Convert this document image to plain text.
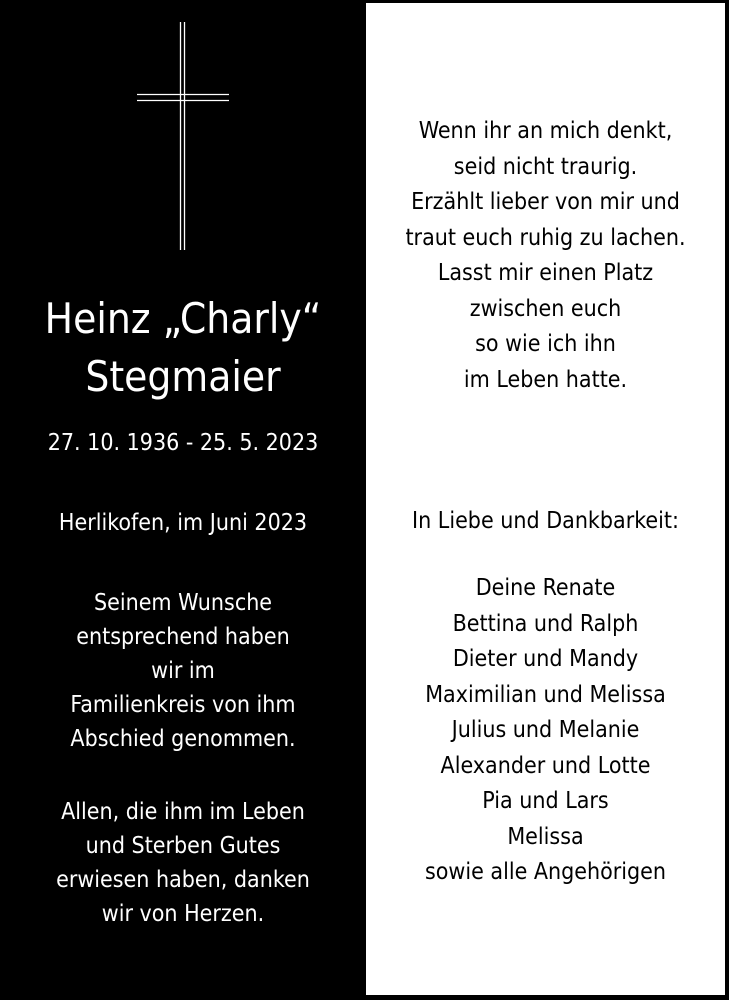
Heinz „Charly“
Stegmaier
27. 10. 1936 - 25. 5. 2023
Herlikofen, im Juni 2023
Seinem Wunsche
entsprechend haben
wir im
Familienkreis von ihm
Abschied genommen.
Allen, die ihm im Leben
und Sterben Gutes
erwiesen haben, danken
wir von Herzen.
Wenn ihr an mich denkt,
seid nicht traurig.
Erzählt lieber von mir und
traut euch ruhig zu lachen.
Lasst mir einen Platz
zwischen euch
so wie ich ihn
im Leben hatte.
In Liebe und Dankbarkeit:
Deine Renate
Bettina und Ralph
Dieter und Mandy
Maximilian und Melissa
Julius und Melanie
Alexander und Lotte
Pia und Lars
Melissa
sowie alle Angehörigen
